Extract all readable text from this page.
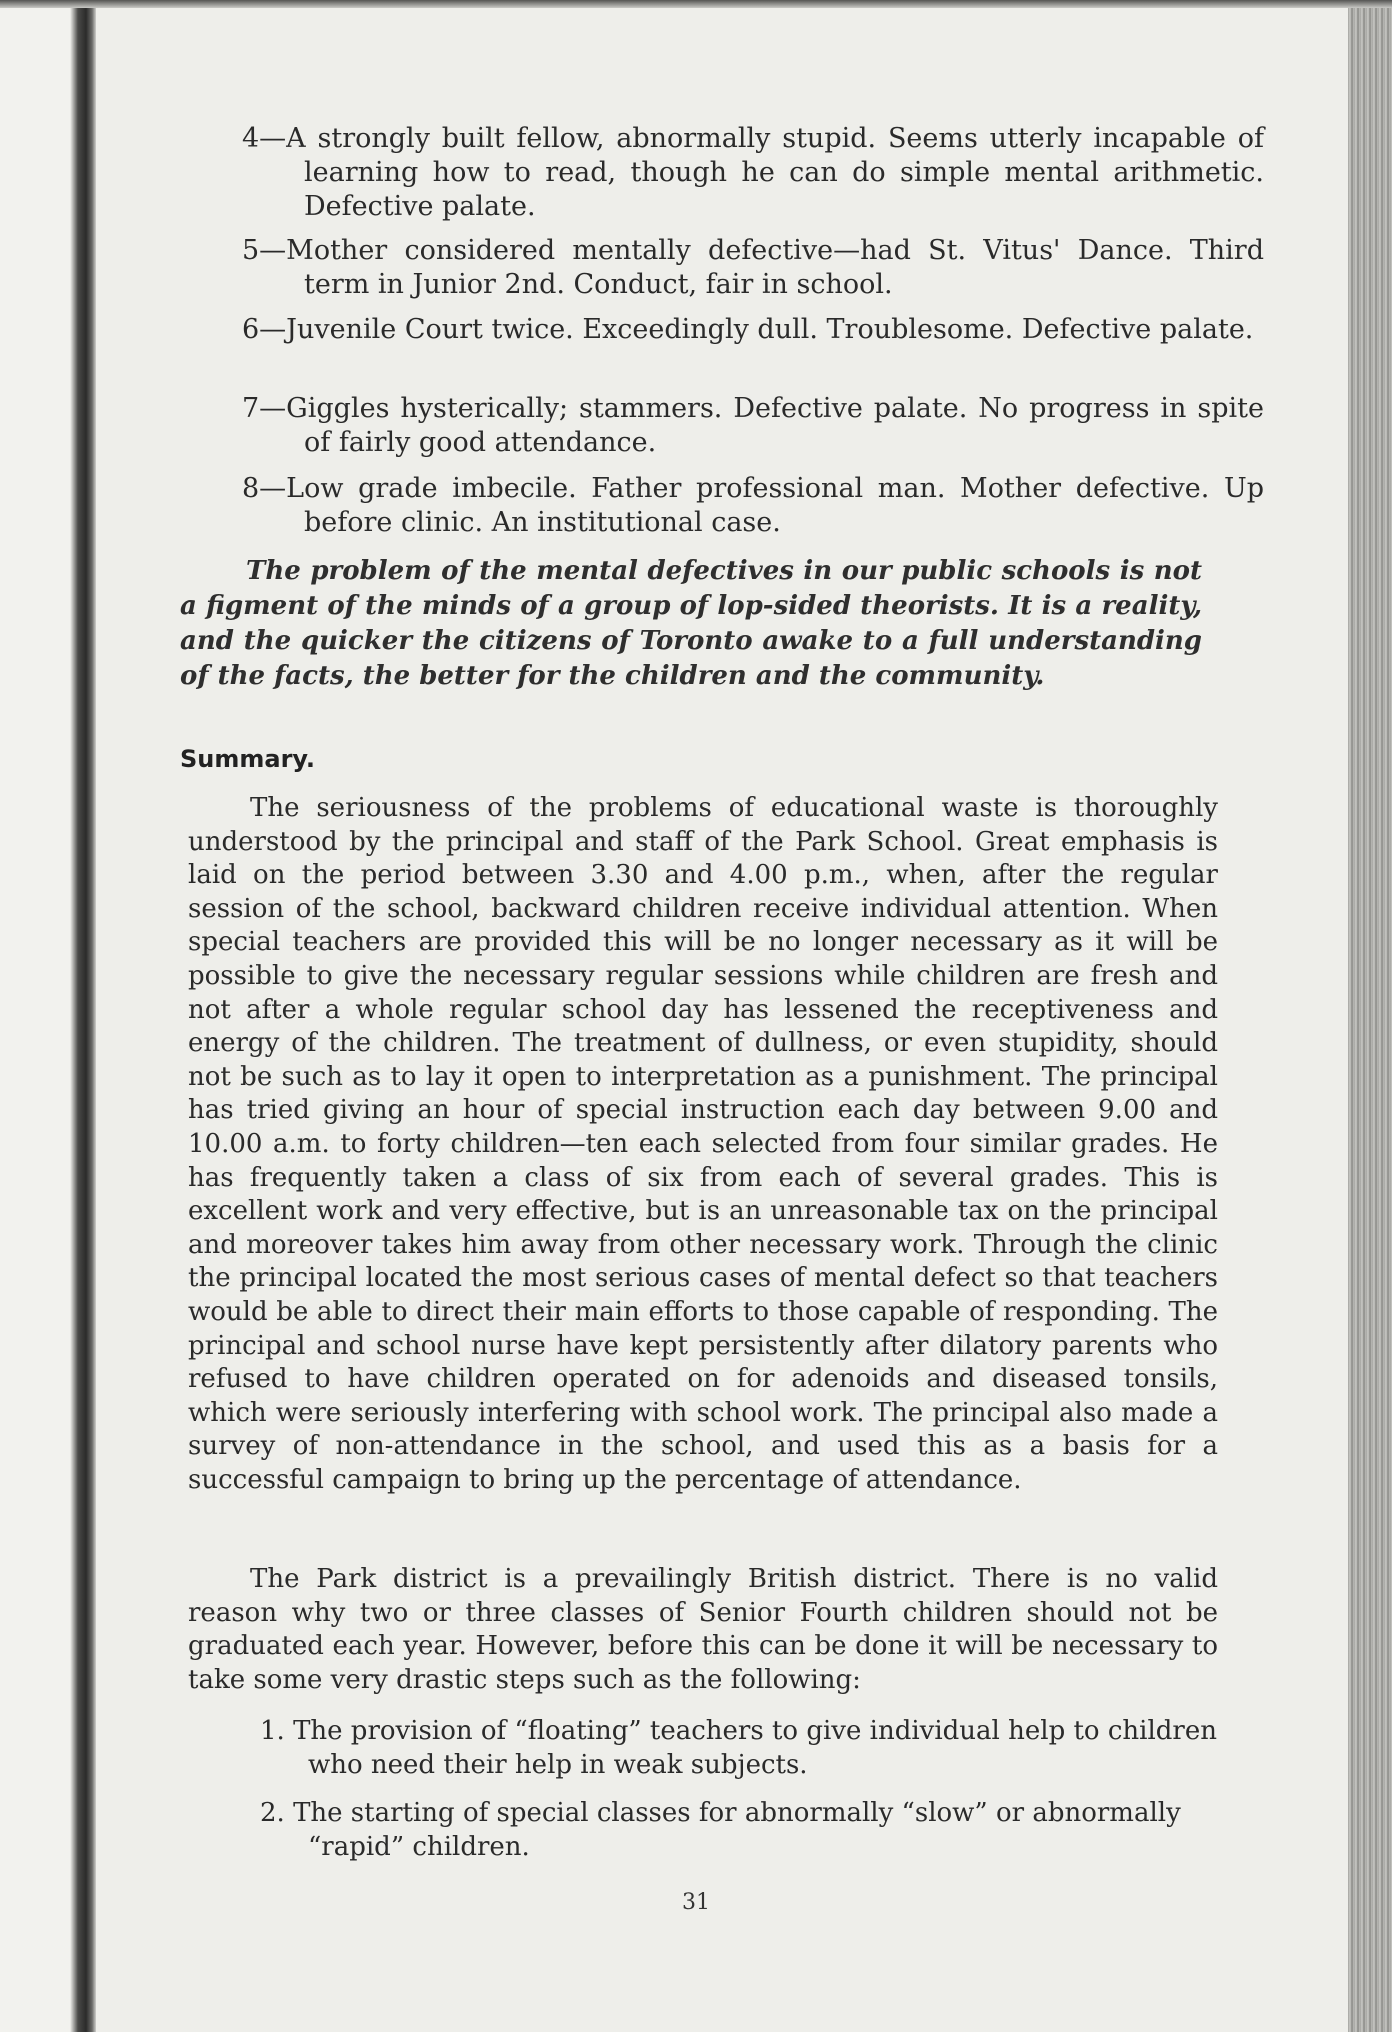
4—A strongly built fellow, abnormally stupid. Seems utterly incapable of learning how to read, though he can do simple mental arithmetic. Defective palate.

5—Mother considered mentally defective—had St. Vitus' Dance. Third term in Junior 2nd. Conduct, fair in school.

6—Juvenile Court twice. Exceedingly dull. Troublesome. Defective palate.

7—Giggles hysterically; stammers. Defective palate. No progress in spite of fairly good attendance.

8—Low grade imbecile. Father professional man. Mother defective. Up before clinic. An institutional case.

The problem of the mental defectives in our public schools is not a figment of the minds of a group of lop-sided theorists. It is a reality, and the quicker the citizens of Toronto awake to a full understanding of the facts, the better for the children and the community.

Summary.

The seriousness of the problems of educational waste is thoroughly understood by the principal and staff of the Park School. Great emphasis is laid on the period between 3.30 and 4.00 p.m., when, after the regular session of the school, backward children receive individual attention. When special teachers are provided this will be no longer necessary as it will be possible to give the necessary regular sessions while children are fresh and not after a whole regular school day has lessened the receptiveness and energy of the children. The treatment of dullness, or even stupidity, should not be such as to lay it open to interpretation as a punishment. The principal has tried giving an hour of special instruction each day between 9.00 and 10.00 a.m. to forty children—ten each selected from four similar grades. He has frequently taken a class of six from each of several grades. This is excellent work and very effective, but is an unreasonable tax on the principal and moreover takes him away from other necessary work. Through the clinic the principal located the most serious cases of mental defect so that teachers would be able to direct their main efforts to those capable of responding. The principal and school nurse have kept persistently after dilatory parents who refused to have children operated on for adenoids and diseased tonsils, which were seriously interfering with school work. The principal also made a survey of non-attendance in the school, and used this as a basis for a successful campaign to bring up the percentage of attendance.

The Park district is a prevailingly British district. There is no valid reason why two or three classes of Senior Fourth children should not be graduated each year. However, before this can be done it will be necessary to take some very drastic steps such as the following:

1. The provision of “floating” teachers to give individual help to children who need their help in weak subjects.

2. The starting of special classes for abnormally “slow” or abnormally “rapid” children.

31
